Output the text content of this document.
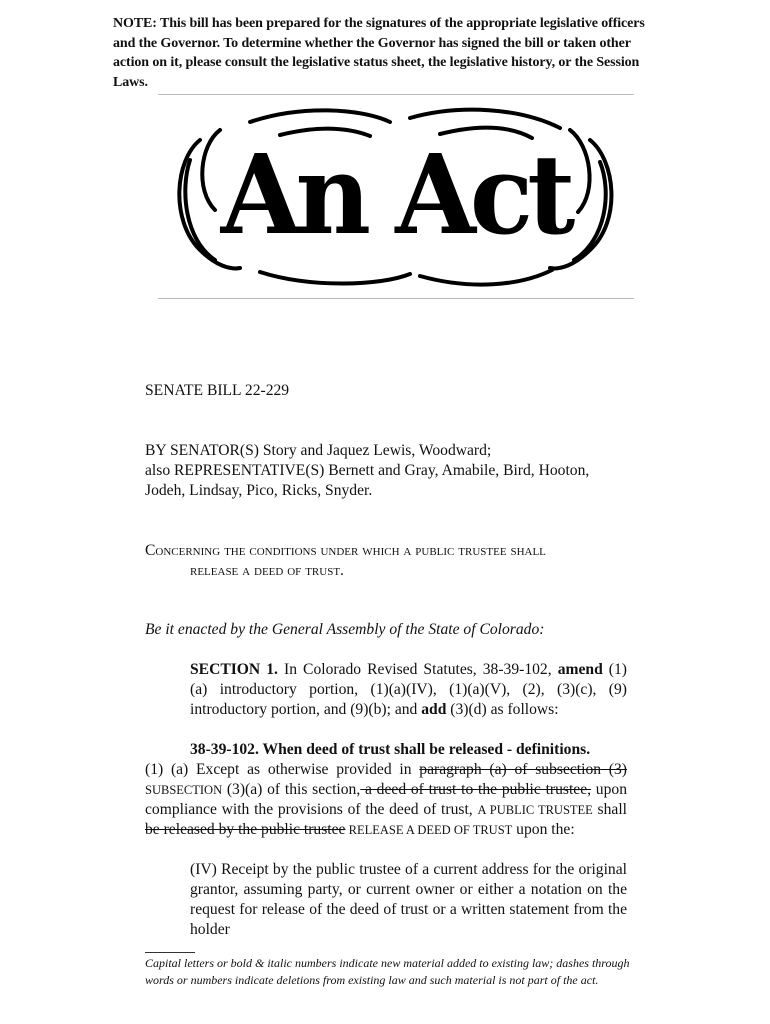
NOTE: This bill has been prepared for the signatures of the appropriate legislative officers and the Governor. To determine whether the Governor has signed the bill or taken other action on it, please consult the legislative status sheet, the legislative history, or the Session Laws.
An Act
SENATE BILL 22-229

BY SENATOR(S) Story and Jaquez Lewis, Woodward;

also REPRESENTATIVE(S) Bernett and Gray, Amabile, Bird, Hooton, Jodeh, Lindsay, Pico, Ricks, Snyder.

Concerning the conditions under which a public trustee shall
release a deed of trust.
Be it enacted by the General Assembly of the State of Colorado:

SECTION 1. In Colorado Revised Statutes, 38-39-102, amend (1)(a) introductory portion, (1)(a)(IV), (1)(a)(V), (2), (3)(c), (9) introductory portion, and (9)(b); and add (3)(d) as follows:

38-39-102. When deed of trust shall be released - definitions.

(1) (a) Except as otherwise provided in paragraph (a) of subsection (3) SUBSECTION (3)(a) of this section, a deed of trust to the public trustee, upon compliance with the provisions of the deed of trust, A PUBLIC TRUSTEE shall be released by the public trustee RELEASE A DEED OF TRUST upon the:

(IV) Receipt by the public trustee of a current address for the original grantor, assuming party, or current owner or either a notation on the request for release of the deed of trust or a written statement from the holder

Capital letters or bold & italic numbers indicate new material added to existing law; dashes through words or numbers indicate deletions from existing law and such material is not part of the act.
